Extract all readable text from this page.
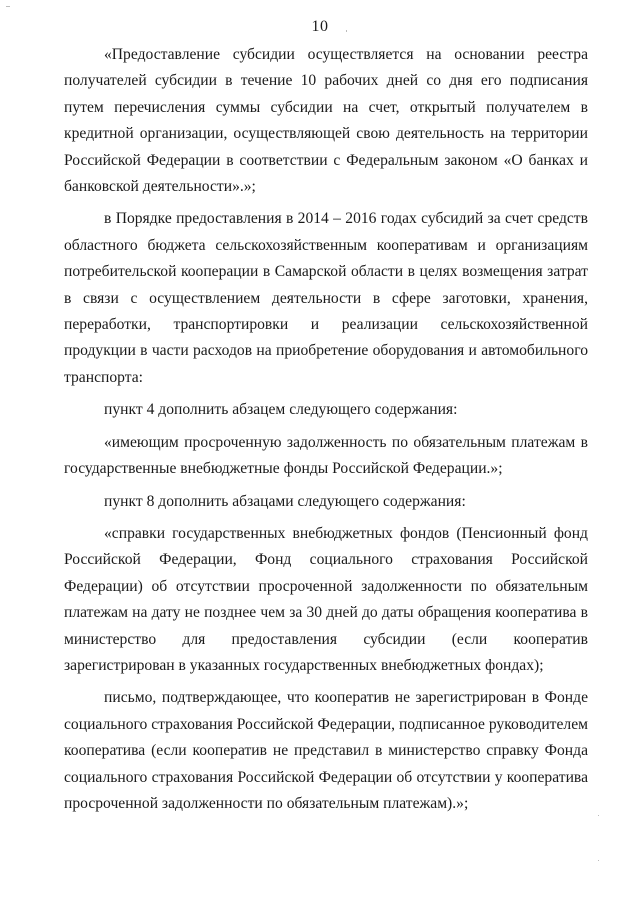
10

«Предоставление субсидии осуществляется на основании реестра получателей субсидии в течение 10 рабочих дней со дня его подписания путем перечисления суммы субсидии на счет, открытый получателем в кредитной организации, осуществляющей свою деятельность на территории Российской Федерации в соответствии с Федеральным законом «О банках и банковской деятельности».»;

в Порядке предоставления в 2014 – 2016 годах субсидий за счет средств областного бюджета сельскохозяйственным кооперативам и организациям потребительской кооперации в Самарской области в целях возмещения затрат в связи с осуществлением деятельности в сфере заготовки, хранения, переработки, транспортировки и реализации сельскохозяйственной продукции в части расходов на приобретение оборудования и автомобильного транспорта:

пункт 4 дополнить абзацем следующего содержания:

«имеющим просроченную задолженность по обязательным платежам в государственные внебюджетные фонды Российской Федерации.»;

пункт 8 дополнить абзацами следующего содержания:

«справки государственных внебюджетных фондов (Пенсионный фонд Российской Федерации, Фонд социального страхования Российской Федерации) об отсутствии просроченной задолженности по обязательным платежам на дату не позднее чем за 30 дней до даты обращения кооператива в министерство для предоставления субсидии (если кооператив зарегистрирован в указанных государственных внебюджетных фондах);

письмо, подтверждающее, что кооператив не зарегистрирован в Фонде социального страхования Российской Федерации, подписанное руководителем кооператива (если кооператив не представил в министерство справку Фонда социального страхования Российской Федерации об отсутствии у кооператива просроченной задолженности по обязательным платежам).»;
